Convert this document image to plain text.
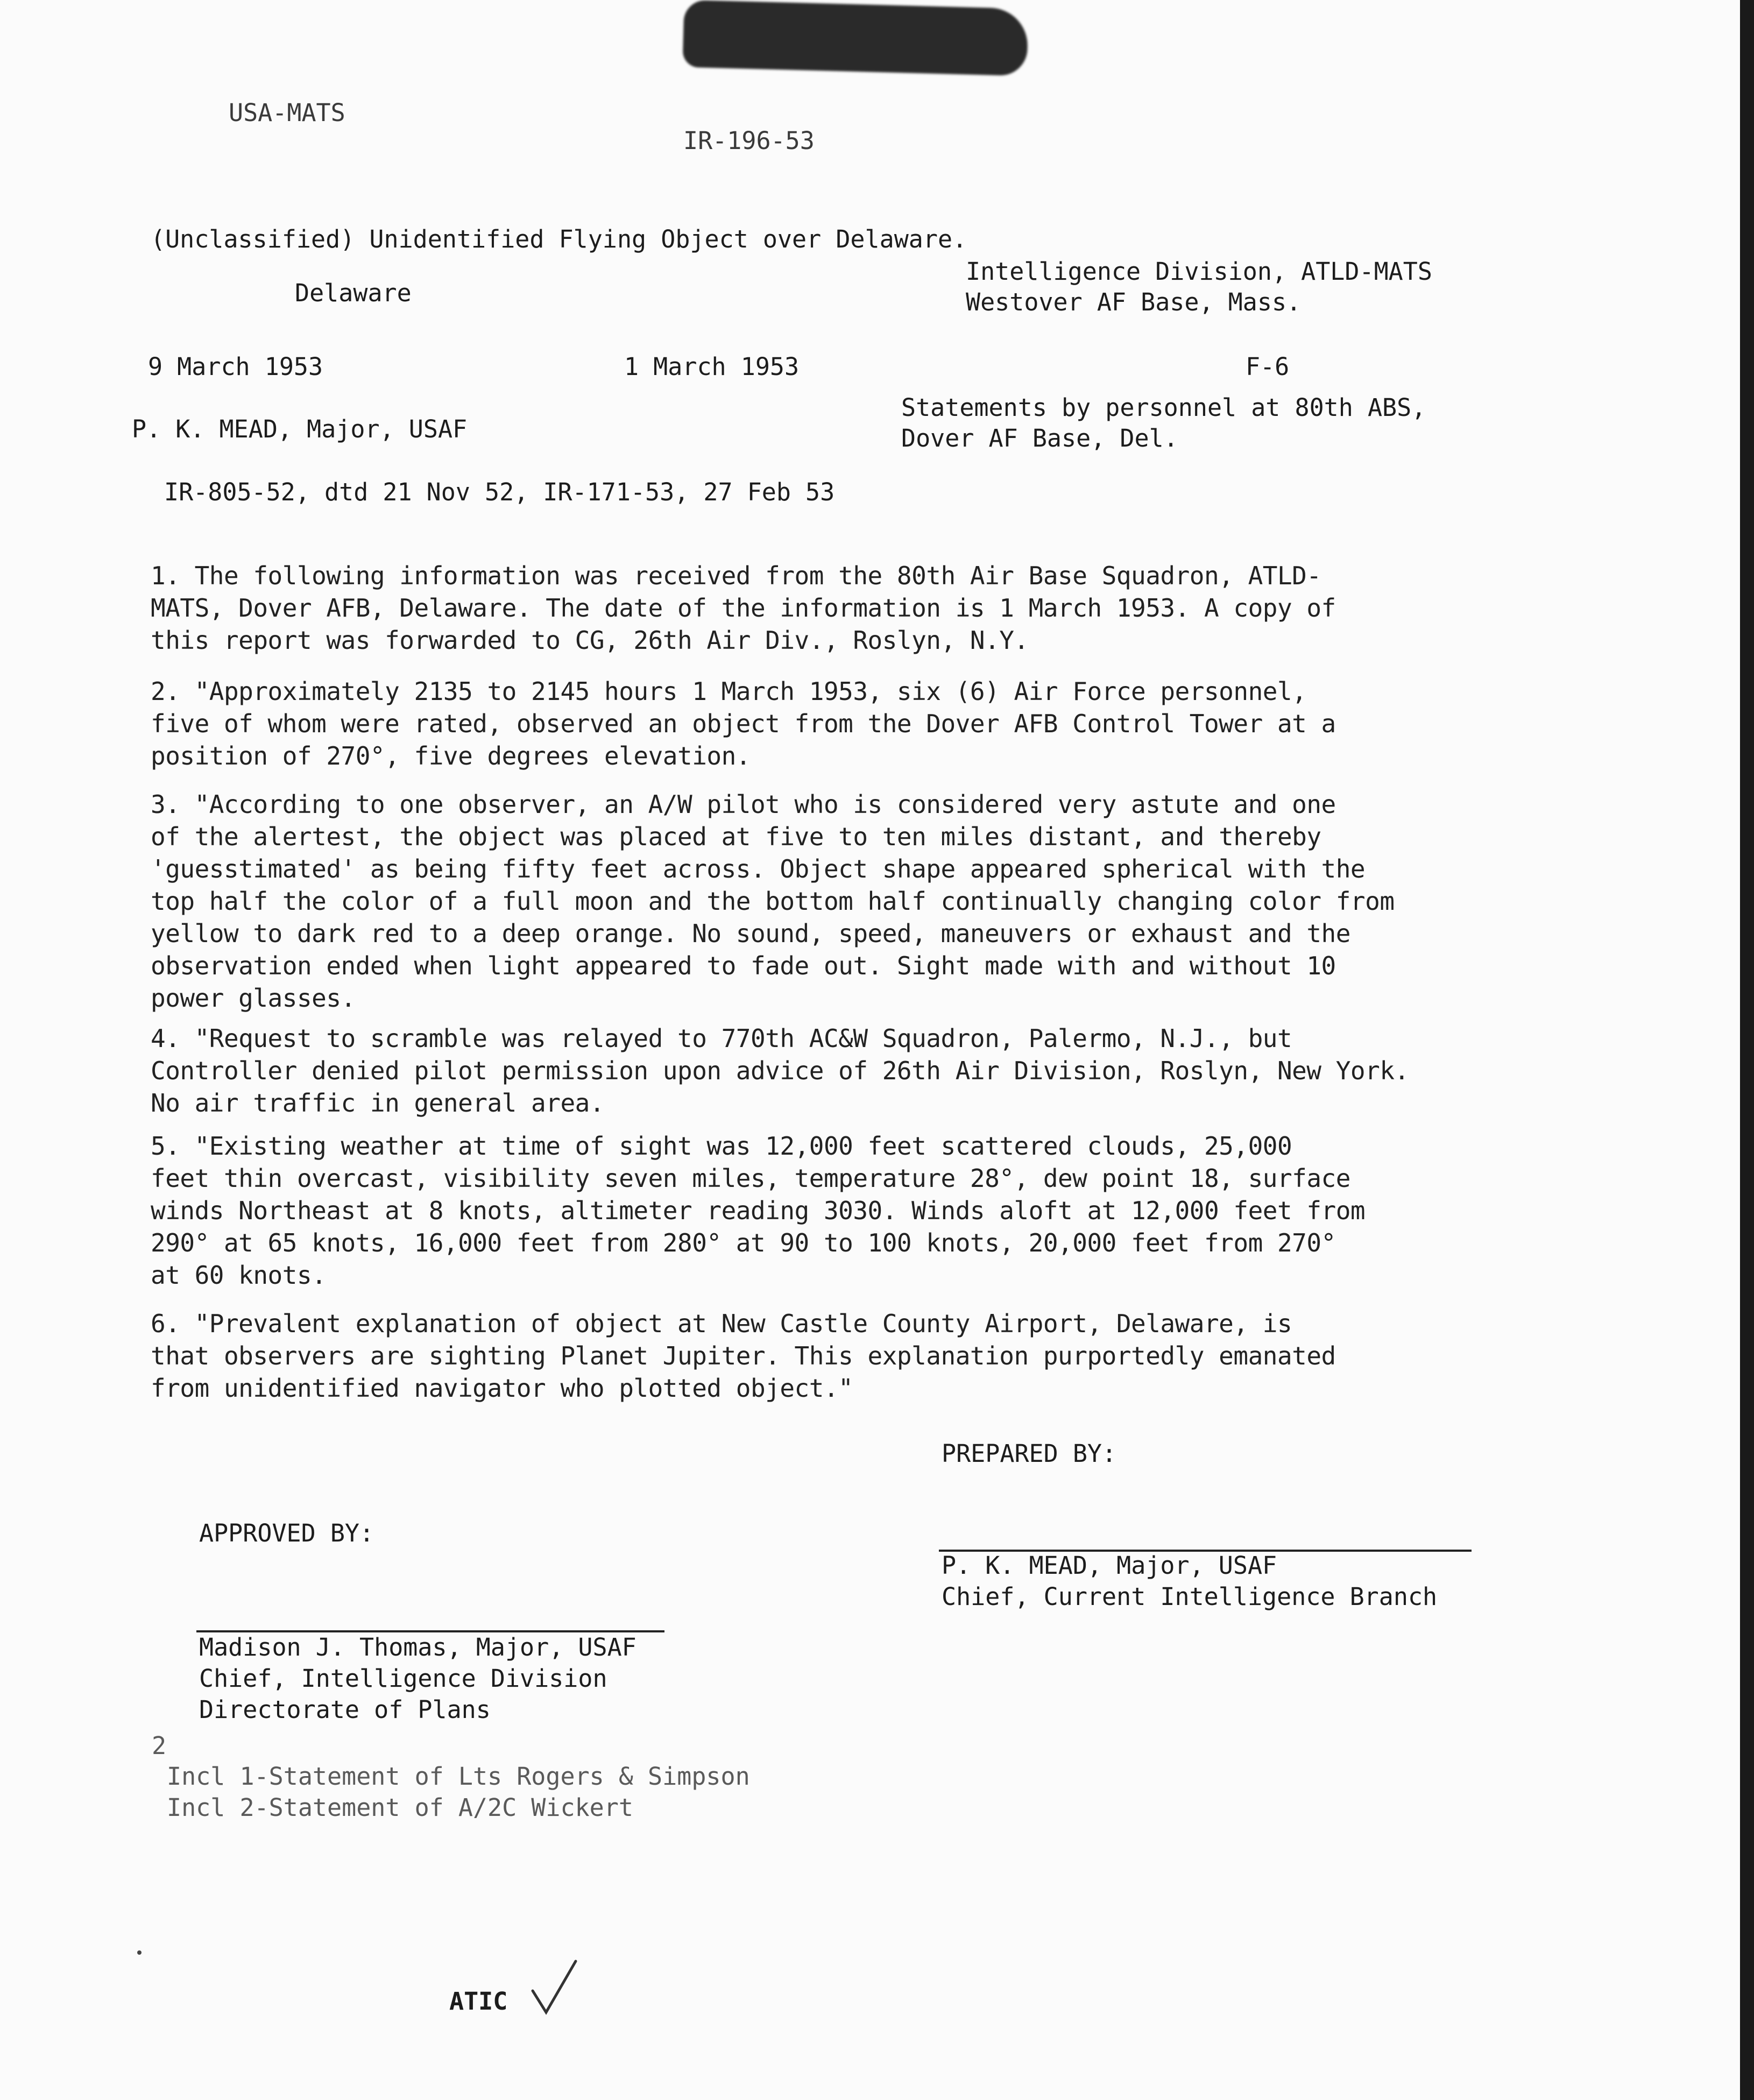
USA-MATS
IR-196-53
(Unclassified) Unidentified Flying Object over Delaware.
Intelligence Division, ATLD-MATS
Delaware	Westover AF Base, Mass.
9 March 1953	1 March 1953	F-6
Statements by personnel at 80th ABS,
P. K. MEAD, Major, USAF	Dover AF Base, Del.
IR-805-52, dtd 21 Nov 52, IR-171-53, 27 Feb 53
1. The following information was received from the 80th Air Base Squadron, ATLD-
MATS, Dover AFB, Delaware. The date of the information is 1 March 1953. A copy of
this report was forwarded to CG, 26th Air Div., Roslyn, N.Y.
2. "Approximately 2135 to 2145 hours 1 March 1953, six (6) Air Force personnel,
five of whom were rated, observed an object from the Dover AFB Control Tower at a
position of 270°, five degrees elevation.
3. "According to one observer, an A/W pilot who is considered very astute and one
of the alertest, the object was placed at five to ten miles distant, and thereby
'guesstimated' as being fifty feet across. Object shape appeared spherical with the
top half the color of a full moon and the bottom half continually changing color from
yellow to dark red to a deep orange. No sound, speed, maneuvers or exhaust and the
observation ended when light appeared to fade out. Sight made with and without 10
power glasses.
4. "Request to scramble was relayed to 770th AC&W Squadron, Palermo, N.J., but
Controller denied pilot permission upon advice of 26th Air Division, Roslyn, New York.
No air traffic in general area.
5. "Existing weather at time of sight was 12,000 feet scattered clouds, 25,000
feet thin overcast, visibility seven miles, temperature 28°, dew point 18, surface
winds Northeast at 8 knots, altimeter reading 3030. Winds aloft at 12,000 feet from
290° at 65 knots, 16,000 feet from 280° at 90 to 100 knots, 20,000 feet from 270°
at 60 knots.
6. "Prevalent explanation of object at New Castle County Airport, Delaware, is
that observers are sighting Planet Jupiter. This explanation purportedly emanated
from unidentified navigator who plotted object."
PREPARED BY:
APPROVED BY:
P. K. MEAD, Major, USAF
Chief, Current Intelligence Branch
Madison J. Thomas, Major, USAF
Chief, Intelligence Division
Directorate of Plans
2
Incl 1-Statement of Lts Rogers & Simpson
Incl 2-Statement of A/2C Wickert
ATIC
